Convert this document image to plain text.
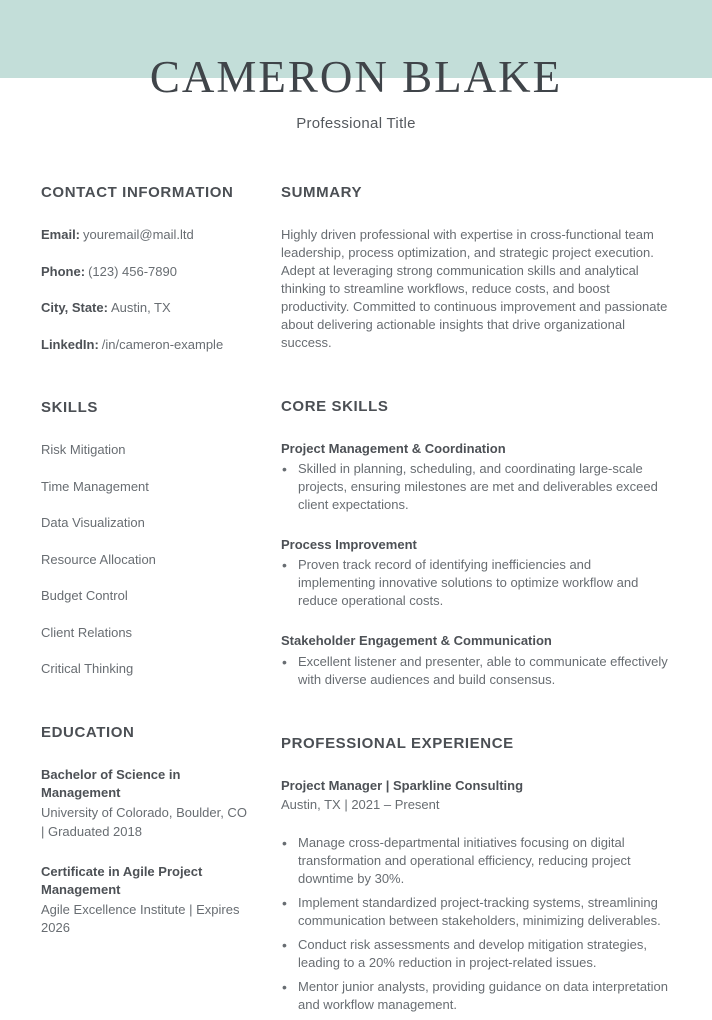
CAMERON BLAKE
Professional Title
CONTACT INFORMATION
Email: youremail@mail.ltd
Phone: (123) 456-7890
City, State: Austin, TX
LinkedIn: /in/cameron-example
SKILLS
Risk Mitigation
Time Management
Data Visualization
Resource Allocation
Budget Control
Client Relations
Critical Thinking
EDUCATION
Bachelor of Science in Management
University of Colorado, Boulder, CO | Graduated 2018
Certificate in Agile Project Management
Agile Excellence Institute | Expires 2026
SUMMARY

Highly driven professional with expertise in cross-functional team leadership, process optimization, and strategic project execution. Adept at leveraging strong communication skills and analytical thinking to streamline workflows, reduce costs, and boost productivity. Committed to continuous improvement and passionate about delivering actionable insights that drive organizational success.

CORE SKILLS
Project Management & Coordination
• Skilled in planning, scheduling, and coordinating large-scale projects, ensuring milestones are met and deliverables exceed client expectations.
Process Improvement
• Proven track record of identifying inefficiencies and implementing innovative solutions to optimize workflow and reduce operational costs.
Stakeholder Engagement & Communication
• Excellent listener and presenter, able to communicate effectively with diverse audiences and build consensus.
PROFESSIONAL EXPERIENCE
Project Manager | Sparkline Consulting
Austin, TX | 2021 – Present
• Manage cross-departmental initiatives focusing on digital transformation and operational efficiency, reducing project downtime by 30%.
• Implement standardized project-tracking systems, streamlining communication between stakeholders, minimizing deliverables.
• Conduct risk assessments and develop mitigation strategies, leading to a 20% reduction in project-related issues.
• Mentor junior analysts, providing guidance on data interpretation and workflow management.
